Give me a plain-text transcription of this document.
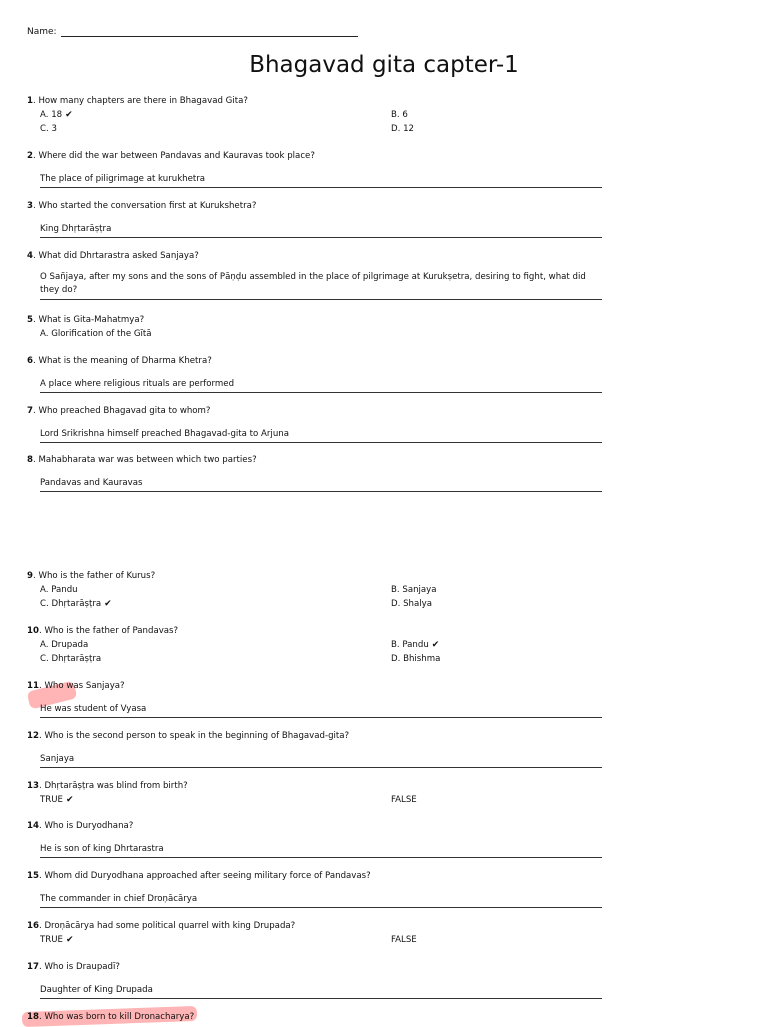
Name:
Bhagavad gita capter-1
1. How many chapters are there in Bhagavad Gita?
A. 18 ✔	B. 6
C. 3	D. 12
2. Where did the war between Pandavas and Kauravas took place?
The place of piligrimage at kurukhetra
3. Who started the conversation first at Kurukshetra?
King Dhṛtarāṣṭra
4. What did Dhrtarastra asked Sanjaya?
O Sañjaya, after my sons and the sons of Pāṇḍu assembled in the place of pilgrimage at Kurukṣetra, desiring to fight, what did they do?
5. What is Gita-Mahatmya?
A. Glorification of the Gītā
6. What is the meaning of Dharma Khetra?
A place where religious rituals are performed
7. Who preached Bhagavad gita to whom?
Lord Srikrishna himself preached Bhagavad-gita to Arjuna
8. Mahabharata war was between which two parties?
Pandavas and Kauravas
9. Who is the father of Kurus?
A. Pandu	B. Sanjaya
C. Dhṛtarāṣṭra ✔	D. Shalya
10. Who is the father of Pandavas?
A. Drupada	B. Pandu ✔
C. Dhṛtarāṣṭra	D. Bhishma
11. Who was Sanjaya?
He was student of Vyasa
12. Who is the second person to speak in the beginning of Bhagavad-gita?
Sanjaya
13. Dhṛtarāṣṭra was blind from birth?
TRUE ✔	FALSE
14. Who is Duryodhana?
He is son of king Dhrtarastra
15. Whom did Duryodhana approached after seeing military force of Pandavas?
The commander in chief Droṇācārya
16. Droṇācārya had some political quarrel with king Drupada?
TRUE ✔	FALSE
17. Who is Draupadī?
Daughter of King Drupada
18. Who was born to kill Dronacharya?
